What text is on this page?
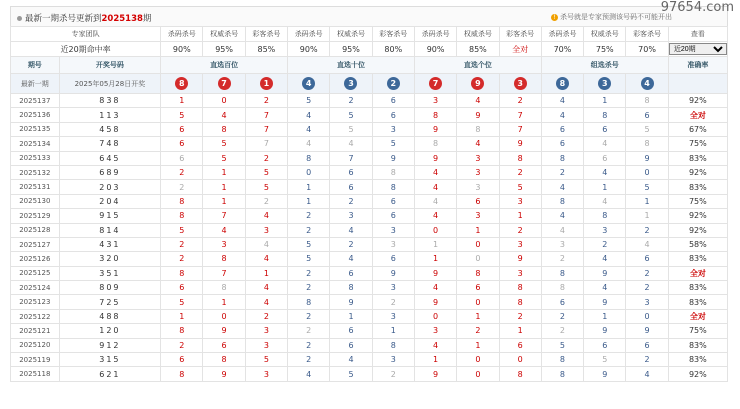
最新一期杀号更新到2025138期	! 杀号就是专家预测该号码不可能开出
97654.com
专家团队		杀码杀号	权威杀号	彩客杀号	杀码杀号	权威杀号	彩客杀号	杀码杀号	权威杀号	彩客杀号	杀码杀号	权威杀号	彩客杀号	查看
近20期命中率		90%	95%	85%	90%	95%	80%	90%	85%	全对	70%	75%	70%	
近20期
期号	开奖号码	直选百位			直选十位			直选个位			组选杀号			准确率
最新一期	2025年05月28日开奖	8	7	1	4	3	2	7	9	3	8	3	4	
2025137	838	1	0	2	5	2	6	3	4	2	4	1	8	92%
2025136	113	5	4	7	4	5	6	8	9	7	4	8	6	全对
2025135	458	6	8	7	4	5	3	9	8	7	6	6	5	67%
2025134	748	6	5	7	4	4	5	8	4	9	6	4	8	75%
2025133	645	6	5	2	8	7	9	9	3	8	8	6	9	83%
2025132	689	2	1	5	0	6	8	4	3	2	2	4	0	92%
2025131	203	2	1	5	1	6	8	4	3	5	4	1	5	83%
2025130	204	8	1	2	1	2	6	4	6	3	8	4	1	75%
2025129	915	8	7	4	2	3	6	4	3	1	4	8	1	92%
2025128	814	5	4	3	2	4	3	0	1	2	4	3	2	92%
2025127	431	2	3	4	5	2	3	1	0	3	3	2	4	58%
2025126	320	2	8	4	5	4	6	1	0	9	2	4	6	83%
2025125	351	8	7	1	2	6	9	9	8	3	8	9	2	全对
2025124	809	6	8	4	2	8	3	4	6	8	8	4	2	83%
2025123	725	5	1	4	8	9	2	9	0	8	6	9	3	83%
2025122	488	1	0	2	2	1	3	0	1	2	2	1	0	全对
2025121	120	8	9	3	2	6	1	3	2	1	2	9	9	75%
2025120	912	2	6	3	2	6	8	4	1	6	5	6	6	83%
2025119	315	6	8	5	2	4	3	1	0	0	8	5	2	83%
2025118	621	8	9	3	4	5	2	9	0	8	8	9	4	92%
